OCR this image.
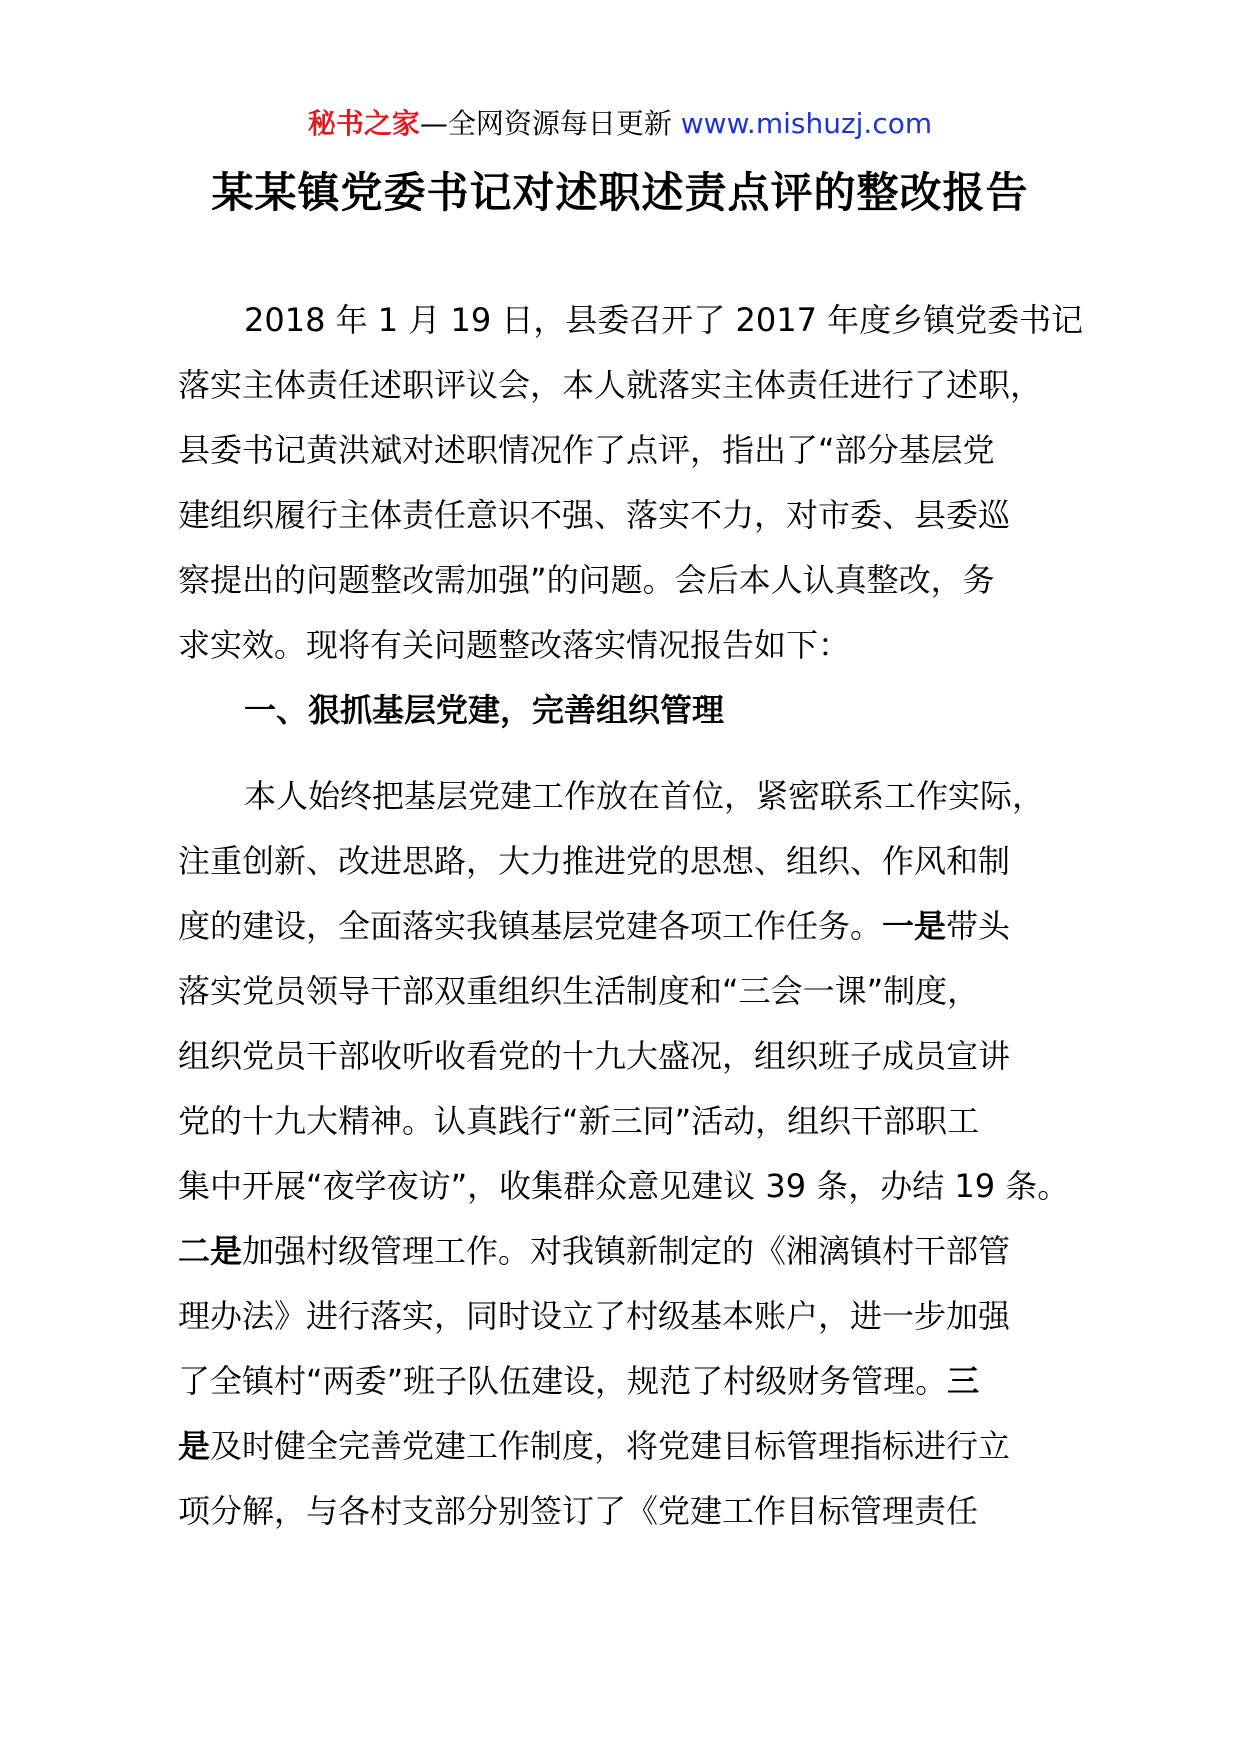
秘书之家—全网资源每日更新 www.mishuzj.com
某某镇党委书记对述职述责点评的整改报告
2018 年 1 月 19 日，县委召开了 2017 年度乡镇党委书记
落实主体责任述职评议会，本人就落实主体责任进行了述职，
县委书记黄洪斌对述职情况作了点评，指出了“部分基层党
建组织履行主体责任意识不强、落实不力，对市委、县委巡
察提出的问题整改需加强”的问题。会后本人认真整改，务
求实效。现将有关问题整改落实情况报告如下：
一、狠抓基层党建，完善组织管理
本人始终把基层党建工作放在首位，紧密联系工作实际，
注重创新、改进思路，大力推进党的思想、组织、作风和制
度的建设，全面落实我镇基层党建各项工作任务。一是带头
落实党员领导干部双重组织生活制度和“三会一课”制度，
组织党员干部收听收看党的十九大盛况，组织班子成员宣讲
党的十九大精神。认真践行“新三同”活动，组织干部职工
集中开展“夜学夜访”，收集群众意见建议 39 条，办结 19 条。
二是加强村级管理工作。对我镇新制定的《湘漓镇村干部管
理办法》进行落实，同时设立了村级基本账户，进一步加强
了全镇村“两委”班子队伍建设，规范了村级财务管理。三
是及时健全完善党建工作制度，将党建目标管理指标进行立
项分解，与各村支部分别签订了《党建工作目标管理责任
